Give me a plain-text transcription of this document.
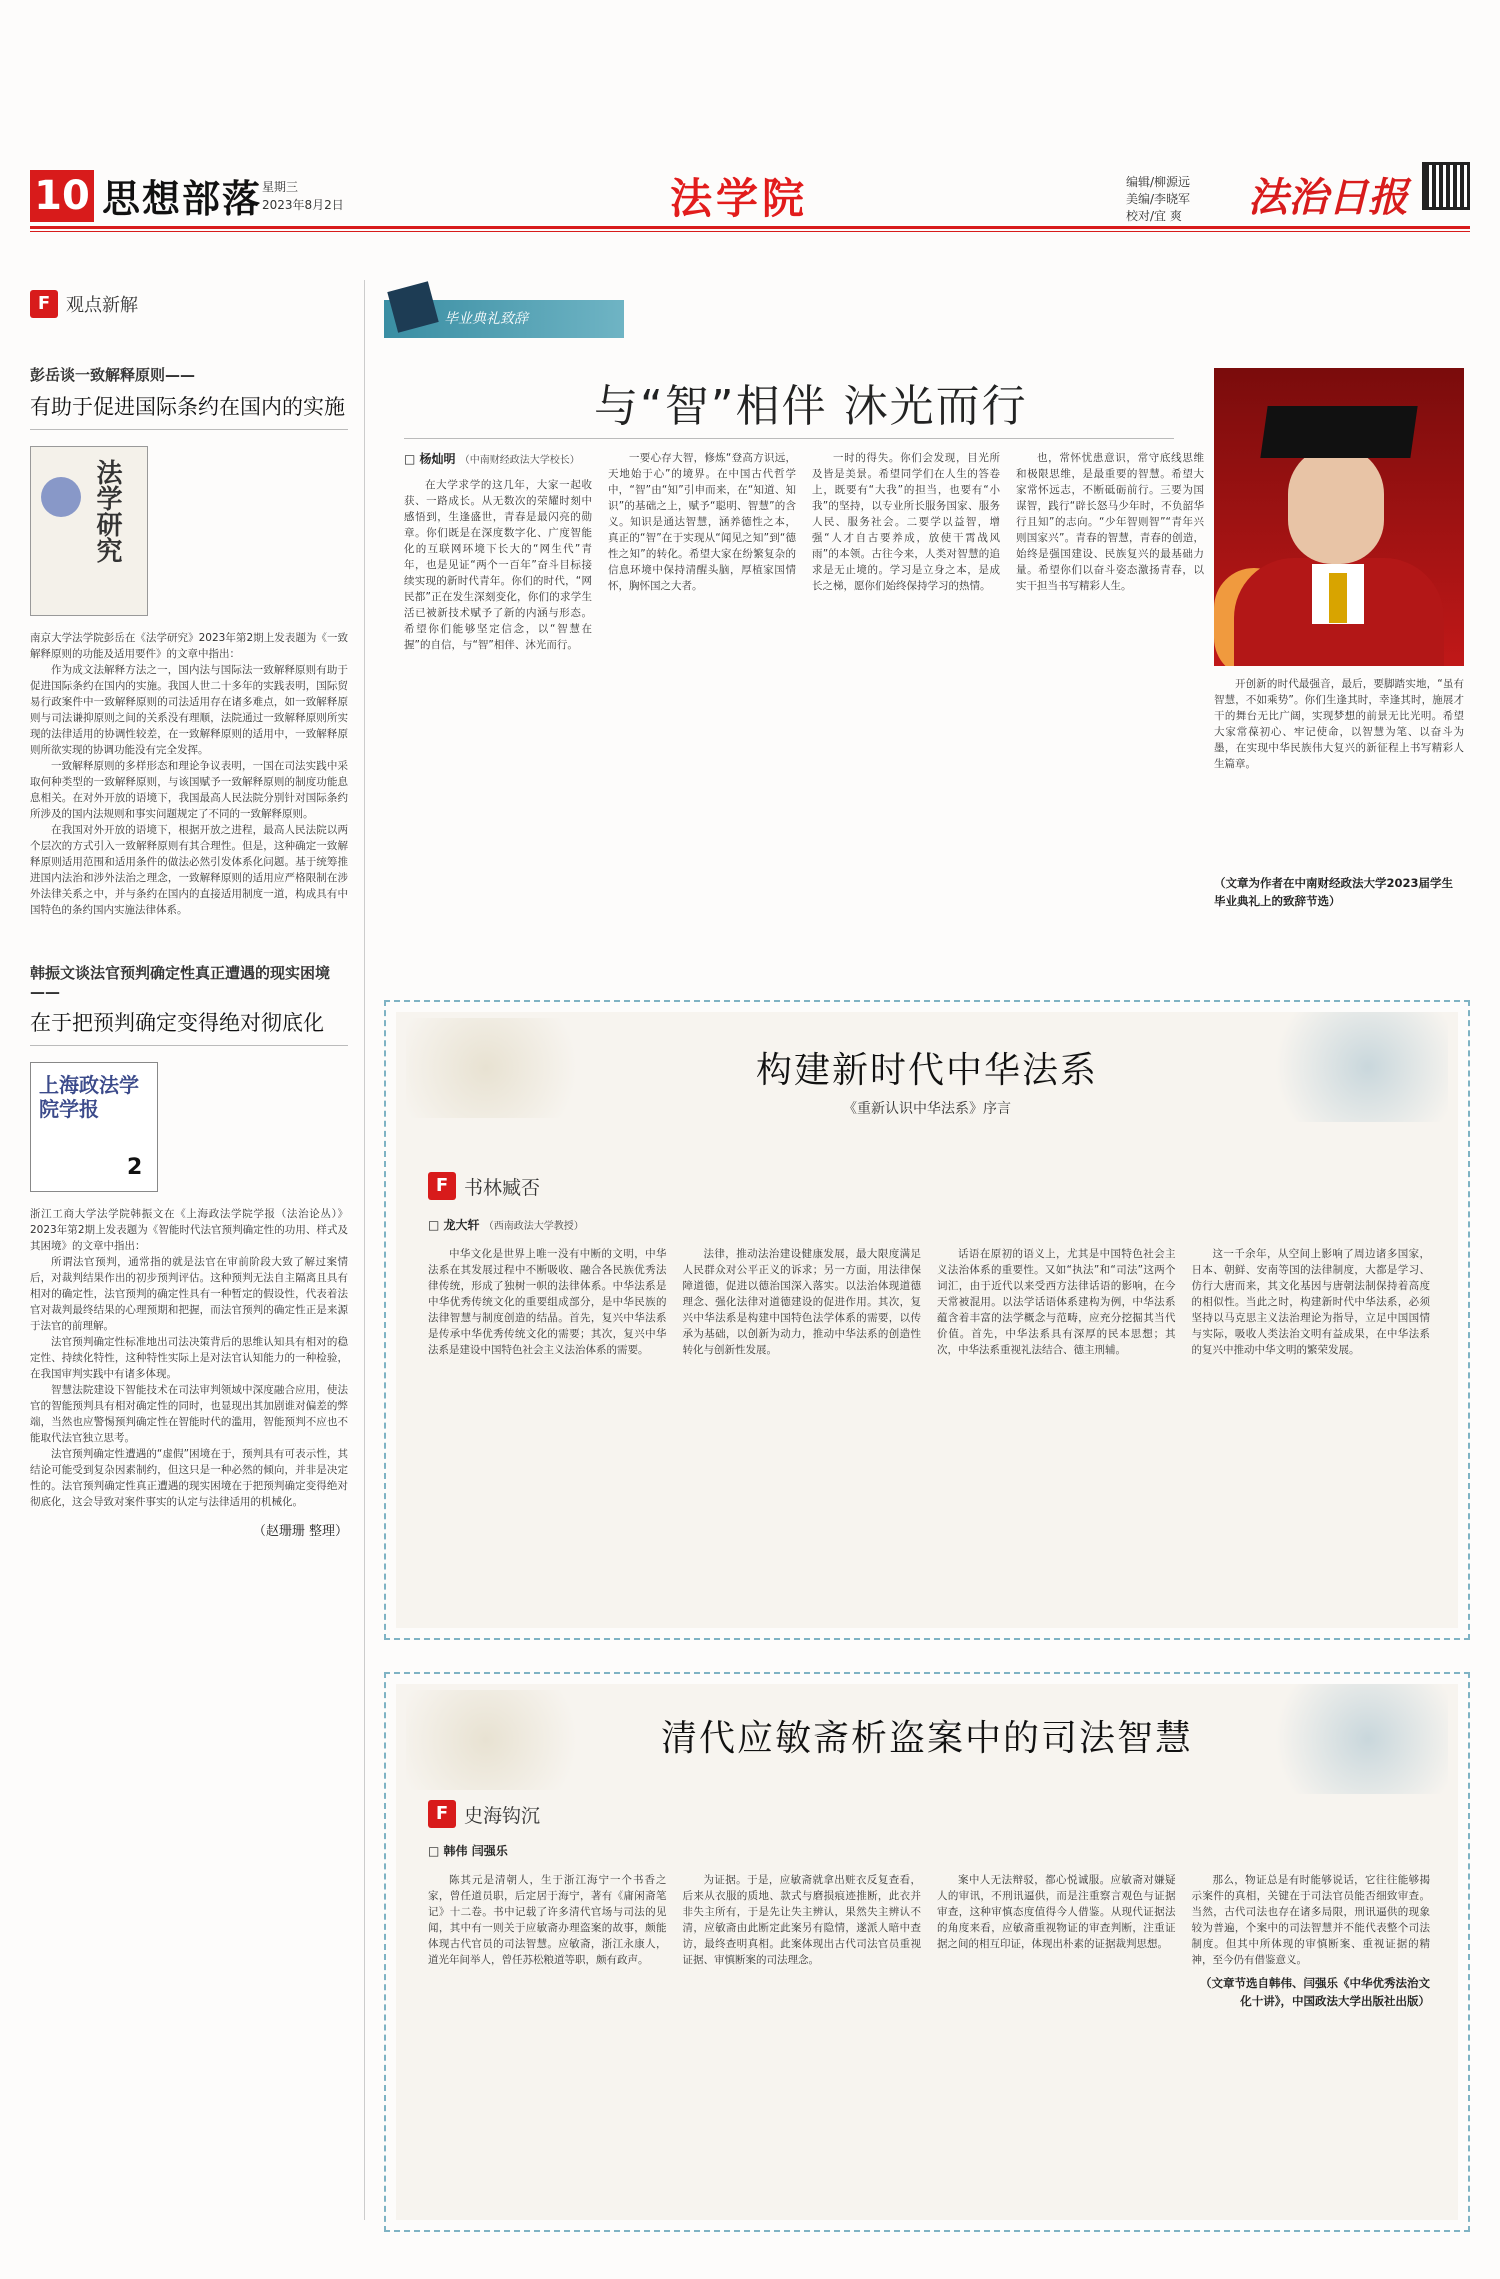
10 思想部落 星期三
2023年8月2日	法学院	编辑/柳源远
美编/李晓军
校对/宜 爽 法治日报
F 观点新解
彭岳谈一致解释原则——
有助于促进国际条约在国内的实施
法学研究

南京大学法学院彭岳在《法学研究》2023年第2期上发表题为《一致解释原则的功能及适用要件》的文章中指出：

作为成文法解释方法之一，国内法与国际法一致解释原则有助于促进国际条约在国内的实施。我国人世二十多年的实践表明，国际贸易行政案件中一致解释原则的司法适用存在诸多难点，如一致解释原则与司法谦抑原则之间的关系没有理顺，法院通过一致解释原则所实现的法律适用的协调性较差，在一致解释原则的适用中，一致解释原则所欲实现的协调功能没有完全发挥。

一致解释原则的多样形态和理论争议表明，一国在司法实践中采取何种类型的一致解释原则，与该国赋予一致解释原则的制度功能息息相关。在对外开放的语境下，我国最高人民法院分别针对国际条约所涉及的国内法规则和事实问题规定了不同的一致解释原则。

在我国对外开放的语境下，根据开放之进程，最高人民法院以两个层次的方式引入一致解释原则有其合理性。但是，这种确定一致解释原则适用范围和适用条件的做法必然引发体系化问题。基于统筹推进国内法治和涉外法治之理念，一致解释原则的适用应严格限制在涉外法律关系之中，并与条约在国内的直接适用制度一道，构成具有中国特色的条约国内实施法律体系。

韩振文谈法官预判确定性真正遭遇的现实困境——
在于把预判确定变得绝对彻底化
上海政法学院学报
2

浙江工商大学法学院韩振文在《上海政法学院学报（法治论丛）》2023年第2期上发表题为《智能时代法官预判确定性的功用、样式及其困境》的文章中指出：

所谓法官预判，通常指的就是法官在审前阶段大致了解过案情后，对裁判结果作出的初步预判评估。这种预判无法自主隔离且具有相对的确定性，法官预判的确定性具有一种暂定的假设性，代表着法官对裁判最终结果的心理预期和把握，而法官预判的确定性正是来源于法官的前理解。

法官预判确定性标准地出司法决策背后的思维认知具有相对的稳定性、持续化特性，这种特性实际上是对法官认知能力的一种检验，在我国审判实践中有诸多体现。

智慧法院建设下智能技术在司法审判领域中深度融合应用，使法官的智能预判具有相对确定性的同时，也显现出其加剧谁对偏差的弊端，当然也应警惕预判确定性在智能时代的滥用，智能预判不应也不能取代法官独立思考。

法官预判确定性遭遇的“虚假”困境在于，预判具有可表示性，其结论可能受到复杂因素制约，但这只是一种必然的倾向，并非是决定性的。法官预判确定性真正遭遇的现实困境在于把预判确定变得绝对彻底化，这会导致对案件事实的认定与法律适用的机械化。

（赵珊珊 整理）
毕业典礼致辞
与“智”相伴 沐光而行
□ 杨灿明 （中南财经政法大学校长）
在大学求学的这几年，大家一起收获、一路成长。从无数次的荣耀时刻中感悟到，生逢盛世，青春是最闪亮的勋章。你们既是在深度数字化、广度智能化的互联网环境下长大的“网生代”青年，也是见证“两个一百年”奋斗目标接续实现的新时代青年。你们的时代，“网民都”正在发生深刻变化，你们的求学生活已被新技术赋予了新的内涵与形态。希望你们能够坚定信念，以“智慧在握”的自信，与“智”相伴、沐光而行。
一要心存大智，修炼“登高方识远，天地始于心”的境界。在中国古代哲学中，“智”由“知”引申而来，在“知道、知识”的基础之上，赋予“聪明、智慧”的含义。知识是通达智慧，涵养德性之本，真正的“智”在于实现从“闻见之知”到“德性之知”的转化。希望大家在纷繁复杂的信息环境中保持清醒头脑，厚植家国情怀，胸怀国之大者。
一时的得失。你们会发现，目光所及皆是美景。希望同学们在人生的答卷上，既要有“大我”的担当，也要有“小我”的坚持，以专业所长服务国家、服务人民、服务社会。二要学以益智，增强“人才自古要养成，放使干霄战风雨”的本领。古往今来，人类对智慧的追求是无止境的。学习是立身之本，是成长之梯，愿你们始终保持学习的热情。
也，常怀忧患意识，常守底线思维和极限思维，是最重要的智慧。希望大家常怀远志，不断砥砺前行。三要为国谋智，践行“辟长怒马少年时，不负韶华行且知”的志向。“少年智则智”“青年兴则国家兴”。青春的智慧，青春的创造，始终是强国建设、民族复兴的最基础力量。希望你们以奋斗姿态激扬青春，以实干担当书写精彩人生。
开创新的时代最强音，最后，要脚踏实地，“虽有智慧，不如乘势”。你们生逢其时，幸逢其时，施展才干的舞台无比广阔，实现梦想的前景无比光明。希望大家常葆初心、牢记使命，以智慧为笔、以奋斗为墨，在实现中华民族伟大复兴的新征程上书写精彩人生篇章。
（文章为作者在中南财经政法大学2023届学生毕业典礼上的致辞节选）
构建新时代中华法系
《重新认识中华法系》序言
F 书林臧否
□ 龙大轩 （西南政法大学教授）
中华文化是世界上唯一没有中断的文明，中华法系在其发展过程中不断吸收、融合各民族优秀法律传统，形成了独树一帜的法律体系。中华法系是中华优秀传统文化的重要组成部分，是中华民族的法律智慧与制度创造的结晶。首先，复兴中华法系是传承中华优秀传统文化的需要；其次，复兴中华法系是建设中国特色社会主义法治体系的需要。
法律，推动法治建设健康发展，最大限度满足人民群众对公平正义的诉求；另一方面，用法律保障道德，促进以德治国深入落实。以法治体现道德理念、强化法律对道德建设的促进作用。其次，复兴中华法系是构建中国特色法学体系的需要，以传承为基础，以创新为动力，推动中华法系的创造性转化与创新性发展。
话语在原初的语义上，尤其是中国特色社会主义法治体系的重要性。又如“执法”和“司法”这两个词汇，由于近代以来受西方法律话语的影响，在今天常被混用。以法学话语体系建构为例，中华法系蕴含着丰富的法学概念与范畴，应充分挖掘其当代价值。首先，中华法系具有深厚的民本思想；其次，中华法系重视礼法结合、德主刑辅。
这一千余年，从空间上影响了周边诸多国家，日本、朝鲜、安南等国的法律制度，大都是学习、仿行大唐而来，其文化基因与唐朝法制保持着高度的相似性。当此之时，构建新时代中华法系，必须坚持以马克思主义法治理论为指导，立足中国国情与实际，吸收人类法治文明有益成果，在中华法系的复兴中推动中华文明的繁荣发展。
清代应敏斋析盗案中的司法智慧
F 史海钩沉
□ 韩伟 闫强乐
陈其元是清朝人，生于浙江海宁一个书香之家，曾任道员职，后定居于海宁，著有《庸闲斋笔记》十二卷。书中记载了许多清代官场与司法的见闻，其中有一则关于应敏斋办理盗案的故事，颇能体现古代官员的司法智慧。应敏斋，浙江永康人，道光年间举人，曾任苏松粮道等职，颇有政声。
为证据。于是，应敏斋就拿出赃衣反复查看，后来从衣服的质地、款式与磨损痕迹推断，此衣并非失主所有，于是先让失主辨认，果然失主辨认不清，应敏斋由此断定此案另有隐情，遂派人暗中查访，最终查明真相。此案体现出古代司法官员重视证据、审慎断案的司法理念。
案中人无法辩驳，都心悦诚服。应敏斋对嫌疑人的审讯，不刑讯逼供，而是注重察言观色与证据审查，这种审慎态度值得今人借鉴。从现代证据法的角度来看，应敏斋重视物证的审查判断，注重证据之间的相互印证，体现出朴素的证据裁判思想。
那么，物证总是有时能够说话，它往往能够揭示案件的真相，关键在于司法官员能否细致审查。当然，古代司法也存在诸多局限，刑讯逼供的现象较为普遍，个案中的司法智慧并不能代表整个司法制度。但其中所体现的审慎断案、重视证据的精神，至今仍有借鉴意义。
（文章节选自韩伟、闫强乐《中华优秀法治文化十讲》，中国政法大学出版社出版）
